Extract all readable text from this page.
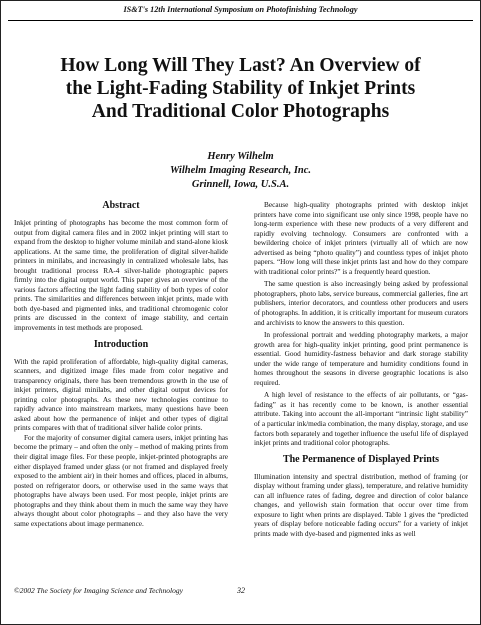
IS&T's 12th International Symposium on Photofinishing Technology
How Long Will They Last? An Overview of
the Light-Fading Stability of Inkjet Prints
And Traditional Color Photographs
Henry Wilhelm
Wilhelm Imaging Research, Inc.
Grinnell, Iowa, U.S.A.
Abstract

Inkjet printing of photographs has become the most common form of output from digital camera files and in 2002 inkjet printing will start to expand from the desktop to higher volume minilab and stand-alone kiosk applications. At the same time, the proliferation of digital silver-halide printers in minilabs, and increasingly in centralized wholesale labs, has brought traditional process RA-4 silver-halide photographic papers firmly into the digital output world. This paper gives an overview of the various factors affecting the light fading stability of both types of color prints. The similarities and differences between inkjet prints, made with both dye-based and pigmented inks, and traditional chromogenic color prints are discussed in the context of image stability, and certain improvements in test methods are proposed.

Introduction

With the rapid proliferation of affordable, high-quality digital cameras, scanners, and digitized image files made from color negative and transparency originals, there has been tremendous growth in the use of inkjet printers, digital minilabs, and other digital output devices for printing color photographs. As these new technologies continue to rapidly advance into mainstream markets, many questions have been asked about how the permanence of inkjet and other types of digital prints compares with that of traditional silver halide color prints.

For the majority of consumer digital camera users, inkjet printing has become the primary – and often the only – method of making prints from their digital image files. For these people, inkjet-printed photographs are either displayed framed under glass (or not framed and displayed freely exposed to the ambient air) in their homes and offices, placed in albums, posted on refrigerator doors, or otherwise used in the same ways that photographs have always been used. For most people, inkjet prints are photographs and they think about them in much the same way they have always thought about color photographs – and they also have the very same expectations about image permanence.

Because high-quality photographs printed with desktop inkjet printers have come into significant use only since 1998, people have no long-term experience with these new products of a very different and rapidly evolving technology. Consumers are confronted with a bewildering choice of inkjet printers (virtually all of which are now advertised as being “photo quality”) and countless types of inkjet photo papers. “How long will these inkjet prints last and how do they compare with traditional color prints?” is a frequently heard question.

The same question is also increasingly being asked by professional photographers, photo labs, service bureaus, commercial galleries, fine art publishers, interior decorators, and countless other producers and users of photographs. In addition, it is critically important for museum curators and archivists to know the answers to this question.

In professional portrait and wedding photography markets, a major growth area for high-quality inkjet printing, good print permanence is essential. Good humidity-fastness behavior and dark storage stability under the wide range of temperature and humidity conditions found in homes throughout the seasons in diverse geographic locations is also required.

A high level of resistance to the effects of air pollutants, or “gas-fading” as it has recently come to be known, is another essential attribute. Taking into account the all-important “intrinsic light stability” of a particular ink/media combination, the many display, storage, and use factors both separately and together influence the useful life of displayed inkjet prints and traditional color photographs.

The Permanence of Displayed Prints

Illumination intensity and spectral distribution, method of framing (or display without framing under glass), temperature, and relative humidity can all influence rates of fading, degree and direction of color balance changes, and yellowish stain formation that occur over time from exposure to light when prints are displayed. Table 1 gives the “predicted years of display before noticeable fading occurs” for a variety of inkjet prints made with dye-based and pigmented inks as well

©2002 The Society for Imaging Science and Technology	32
